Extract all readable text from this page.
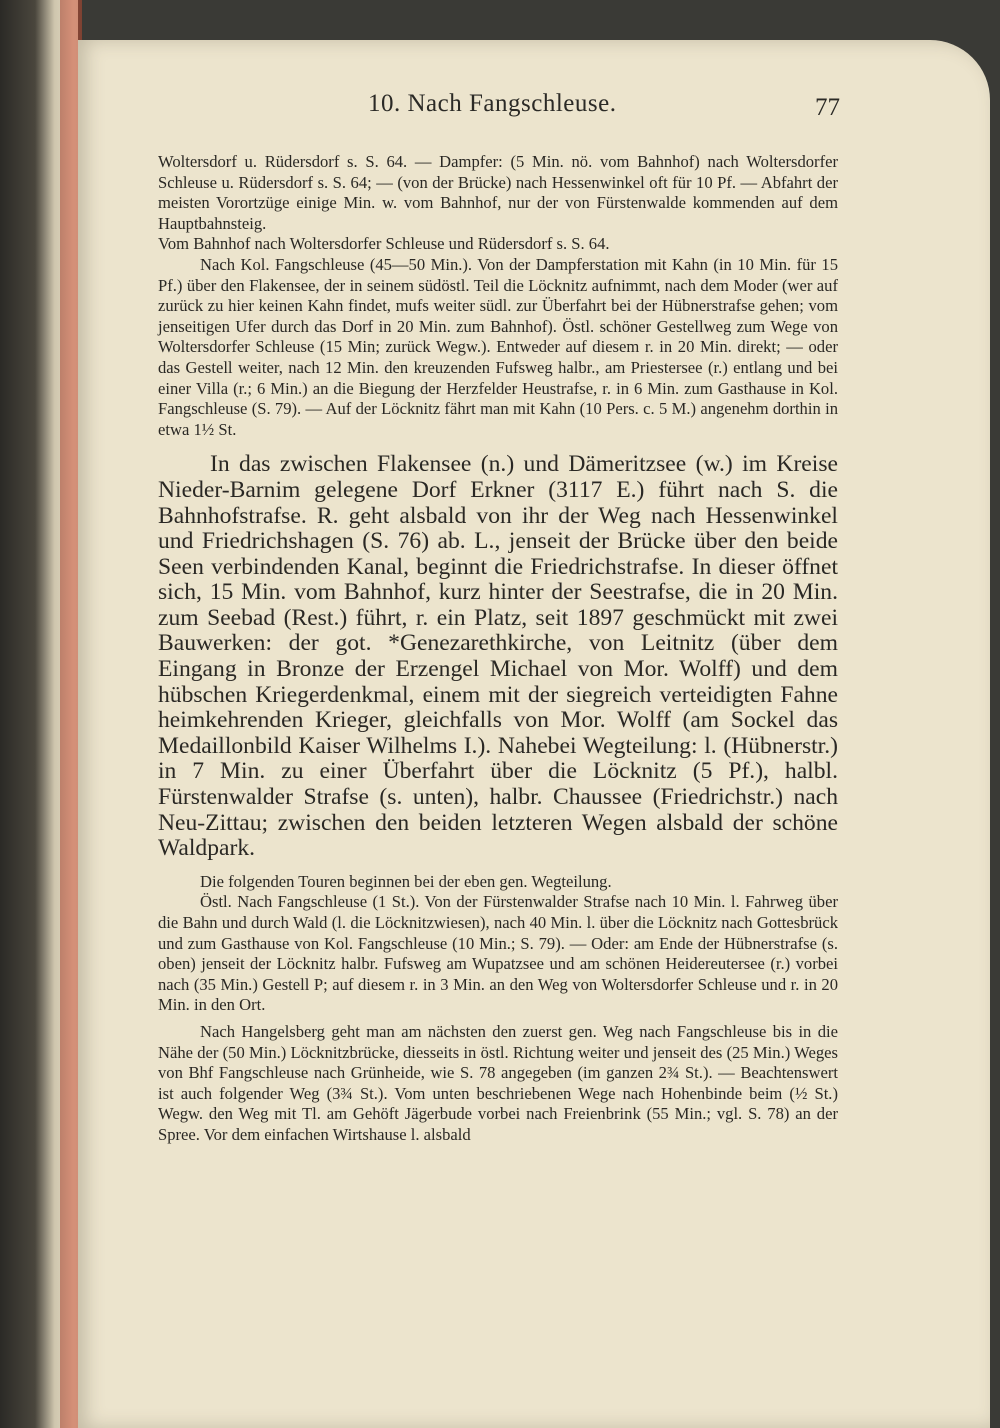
10. Nach Fangschleuse.	77

Woltersdorf u. Rüdersdorf s. S. 64. — Dampfer: (5 Min. nö. vom Bahnhof) nach Woltersdorfer Schleuse u. Rüdersdorf s. S. 64; — (von der Brücke) nach Hessenwinkel oft für 10 Pf. — Abfahrt der meisten Vorortzüge einige Min. w. vom Bahnhof, nur der von Fürstenwalde kommenden auf dem Hauptbahnsteig.

Vom Bahnhof nach Woltersdorfer Schleuse und Rüdersdorf s. S. 64.

Nach Kol. Fangschleuse (45—50 Min.). Von der Dampferstation mit Kahn (in 10 Min. für 15 Pf.) über den Flakensee, der in seinem südöstl. Teil die Löcknitz aufnimmt, nach dem Moder (wer auf zurück zu hier keinen Kahn findet, mufs weiter südl. zur Überfahrt bei der Hübnerstrafse gehen; vom jenseitigen Ufer durch das Dorf in 20 Min. zum Bahnhof). Östl. schöner Gestellweg zum Wege von Woltersdorfer Schleuse (15 Min; zurück Wegw.). Entweder auf diesem r. in 20 Min. direkt; — oder das Gestell weiter, nach 12 Min. den kreuzenden Fufsweg halbr., am Priestersee (r.) entlang und bei einer Villa (r.; 6 Min.) an die Biegung der Herzfelder Heustrafse, r. in 6 Min. zum Gasthause in Kol. Fangschleuse (S. 79). — Auf der Löcknitz fährt man mit Kahn (10 Pers. c. 5 M.) angenehm dorthin in etwa 1½ St.

In das zwischen Flakensee (n.) und Dämeritzsee (w.) im Kreise Nieder-Barnim gelegene Dorf Erkner (3117 E.) führt nach S. die Bahnhofstrafse. R. geht alsbald von ihr der Weg nach Hessenwinkel und Friedrichshagen (S. 76) ab. L., jenseit der Brücke über den beide Seen verbindenden Kanal, beginnt die Friedrichstrafse. In dieser öffnet sich, 15 Min. vom Bahnhof, kurz hinter der Seestrafse, die in 20 Min. zum Seebad (Rest.) führt, r. ein Platz, seit 1897 geschmückt mit zwei Bauwerken: der got. *Genezarethkirche, von Leitnitz (über dem Eingang in Bronze der Erzengel Michael von Mor. Wolff) und dem hübschen Kriegerdenkmal, einem mit der siegreich verteidigten Fahne heimkehrenden Krieger, gleichfalls von Mor. Wolff (am Sockel das Medaillonbild Kaiser Wilhelms I.). Nahebei Wegteilung: l. (Hübnerstr.) in 7 Min. zu einer Überfahrt über die Löcknitz (5 Pf.), halbl. Fürstenwalder Strafse (s. unten), halbr. Chaussee (Friedrichstr.) nach Neu-Zittau; zwischen den beiden letzteren Wegen alsbald der schöne Waldpark.

Die folgenden Touren beginnen bei der eben gen. Wegteilung.

Östl. Nach Fangschleuse (1 St.). Von der Fürstenwalder Strafse nach 10 Min. l. Fahrweg über die Bahn und durch Wald (l. die Löcknitzwiesen), nach 40 Min. l. über die Löcknitz nach Gottesbrück und zum Gasthause von Kol. Fangschleuse (10 Min.; S. 79). — Oder: am Ende der Hübnerstrafse (s. oben) jenseit der Löcknitz halbr. Fufsweg am Wupatzsee und am schönen Heidereutersee (r.) vorbei nach (35 Min.) Gestell P; auf diesem r. in 3 Min. an den Weg von Woltersdorfer Schleuse und r. in 20 Min. in den Ort.

Nach Hangelsberg geht man am nächsten den zuerst gen. Weg nach Fangschleuse bis in die Nähe der (50 Min.) Löcknitzbrücke, diesseits in östl. Richtung weiter und jenseit des (25 Min.) Weges von Bhf Fangschleuse nach Grünheide, wie S. 78 angegeben (im ganzen 2¾ St.). — Beachtenswert ist auch folgender Weg (3¾ St.). Vom unten beschriebenen Wege nach Hohenbinde beim (½ St.) Wegw. den Weg mit Tl. am Gehöft Jägerbude vorbei nach Freienbrink (55 Min.; vgl. S. 78) an der Spree. Vor dem einfachen Wirtshause l. alsbald
